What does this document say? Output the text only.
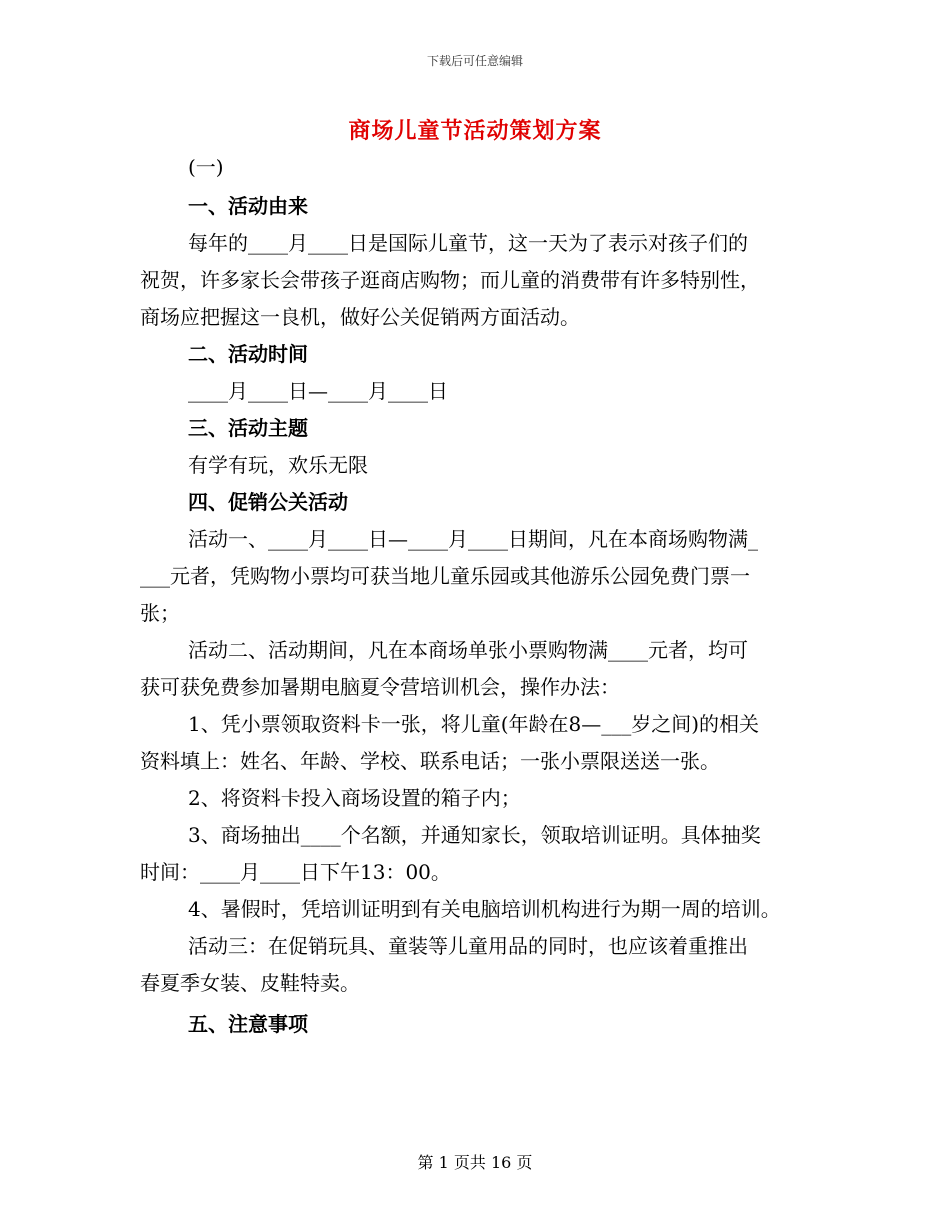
下载后可任意编辑
商场儿童节活动策划方案
(一)
一、活动由来
每年的____月____日是国际儿童节，这一天为了表示对孩子们的
祝贺，许多家长会带孩子逛商店购物；而儿童的消费带有许多特别性，
商场应把握这一良机，做好公关促销两方面活动。
二、活动时间
____月____日—____月____日
三、活动主题
有学有玩，欢乐无限
四、促销公关活动
活动一、____月____日—____月____日期间，凡在本商场购物满_
___元者，凭购物小票均可获当地儿童乐园或其他游乐公园免费门票一
张；
活动二、活动期间，凡在本商场单张小票购物满____元者，均可
获可获免费参加暑期电脑夏令营培训机会，操作办法：
1、凭小票领取资料卡一张，将儿童(年龄在8—___岁之间)的相关
资料填上：姓名、年龄、学校、联系电话；一张小票限送送一张。
2、将资料卡投入商场设置的箱子内；
3、商场抽出____个名额，并通知家长，领取培训证明。具体抽奖
时间：____月____日下午13：00。
4、暑假时，凭培训证明到有关电脑培训机构进行为期一周的培训。
活动三：在促销玩具、童装等儿童用品的同时，也应该着重推出
春夏季女装、皮鞋特卖。
五、注意事项
第 1 页共 16 页
